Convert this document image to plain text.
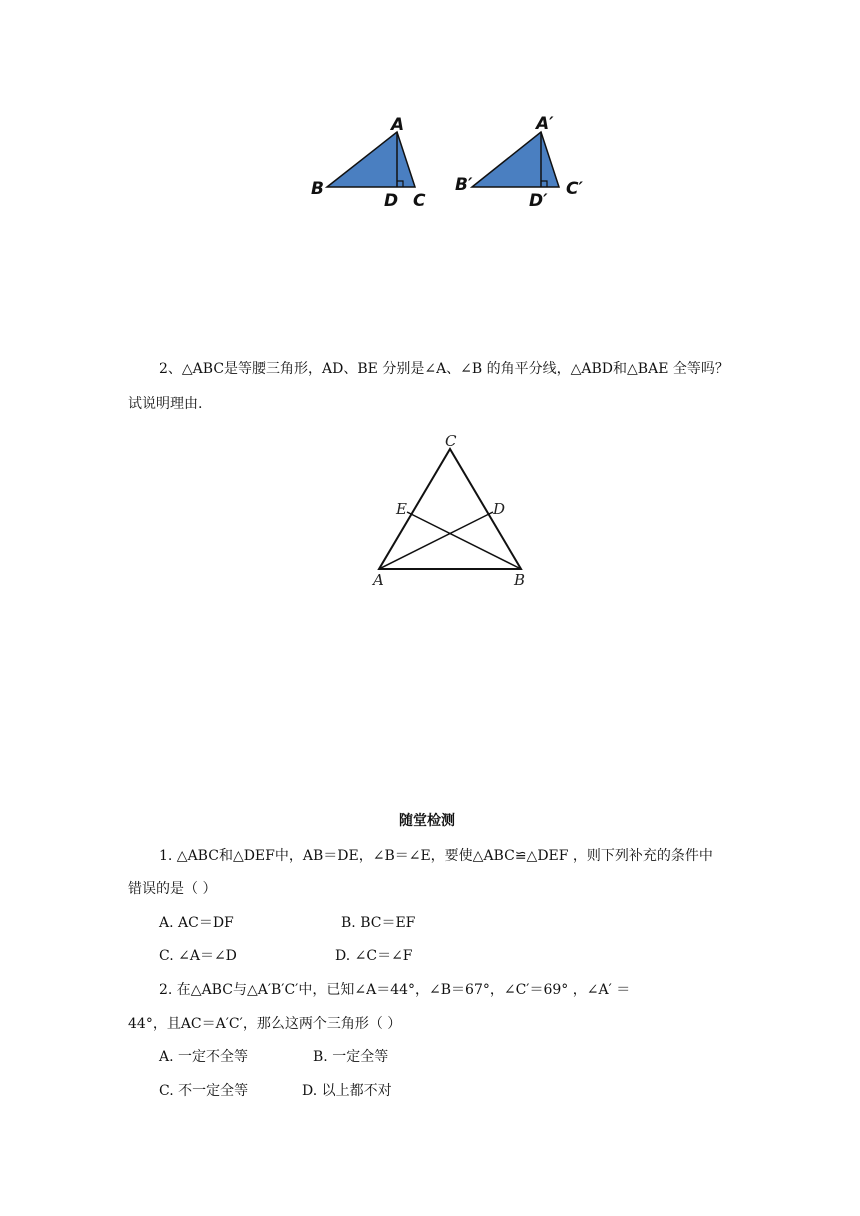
A
B
D C
A′
B′
D′
C′
2、△ABC是等腰三角形，AD、BE 分别是∠A、∠B 的角平分线，△ABD和△BAE 全等吗？
试说明理由.
C
E	D
A	B
随堂检测
1. △ABC和△DEF中，AB＝DE，∠B＝∠E，要使△ABC≌△DEF ，则下列补充的条件中
错误的是（ ）
A. AC＝DF	B. BC＝EF
C. ∠A＝∠D	D. ∠C＝∠F
2. 在△ABC与△A′B′C′中，已知∠A＝44°，∠B＝67°，∠C′＝69° ，∠A′ ＝
44°，且AC＝A′C′，那么这两个三角形（ ）
A. 一定不全等	B. 一定全等
C. 不一定全等	D. 以上都不对
